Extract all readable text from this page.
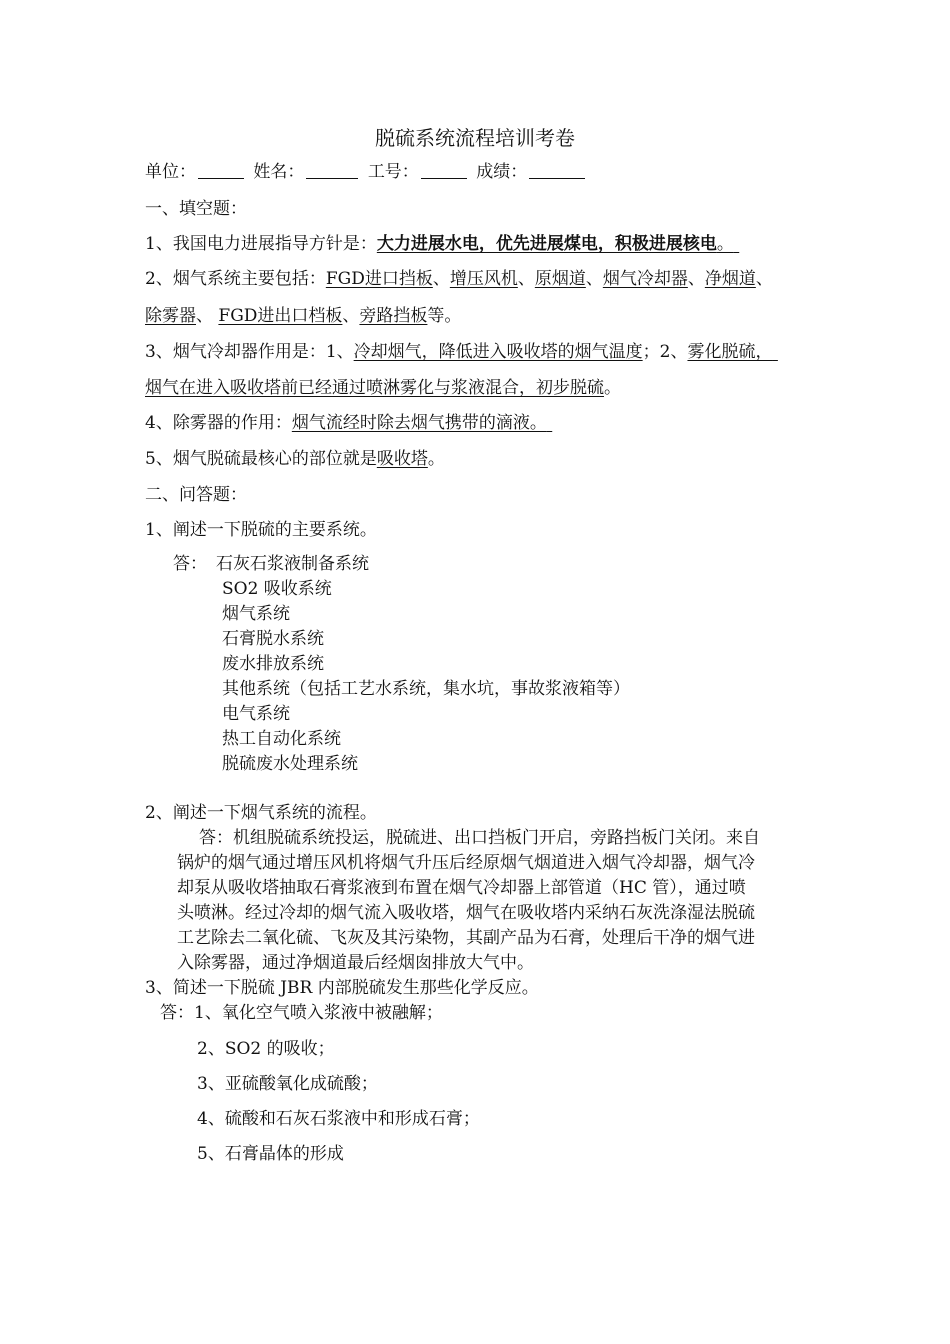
脱硫系统流程培训考卷
单位：	姓名：	工号：	成绩：
一、填空题：
1、我国电力进展指导方针是：大力进展水电，优先进展煤电，积极进展核电。
2、烟气系统主要包括：FGD进口挡板、增压风机、原烟道、烟气冷却器、净烟道、
除雾器、 FGD进出口档板、旁路挡板等。
3、烟气冷却器作用是：1、冷却烟气，降低进入吸收塔的烟气温度；2、雾化脱硫，
烟气在进入吸收塔前已经通过喷淋雾化与浆液混合，初步脱硫。
4、除雾器的作用：烟气流经时除去烟气携带的滴液。
5、烟气脱硫最核心的部位就是吸收塔。
二、问答题：
1、阐述一下脱硫的主要系统。
答： 石灰石浆液制备系统
SO2 吸收系统
烟气系统
石膏脱水系统
废水排放系统
其他系统（包括工艺水系统，集水坑，事故浆液箱等）
电气系统
热工自动化系统
脱硫废水处理系统
2、阐述一下烟气系统的流程。
答：机组脱硫系统投运，脱硫进、出口挡板门开启，旁路挡板门关闭。来自
锅炉的烟气通过增压风机将烟气升压后经原烟气烟道进入烟气冷却器，烟气冷
却泵从吸收塔抽取石膏浆液到布置在烟气冷却器上部管道（HC 管），通过喷
头喷淋。经过冷却的烟气流入吸收塔，烟气在吸收塔内采纳石灰洗涤湿法脱硫
工艺除去二氧化硫、飞灰及其污染物，其副产品为石膏，处理后干净的烟气进
入除雾器，通过净烟道最后经烟囱排放大气中。
3、简述一下脱硫 JBR 内部脱硫发生那些化学反应。
答：1、氧化空气喷入浆液中被融解；
2、SO2 的吸收；
3、亚硫酸氧化成硫酸；
4、硫酸和石灰石浆液中和形成石膏；
5、石膏晶体的形成
